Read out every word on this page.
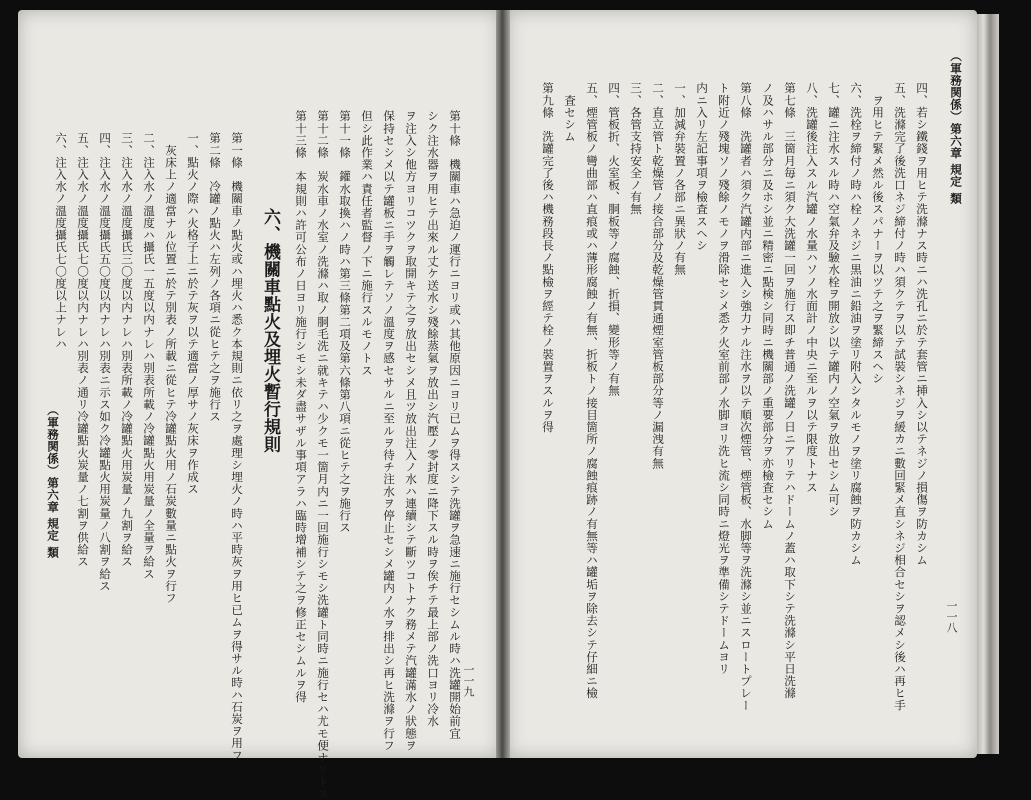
（軍務関係）第六章 規定 類
一一八
四、若シ鐵錢ヲ用ヒテ洗滌ナス時ニハ洗孔ニ於テ套管ニ挿入シ以テネジノ損傷ヲ防カシム
五、洗滌完了後洗口ネジ締付ノ時ハ須クテヲ以テ試裝シネジヲ緩カニ數回緊メ直シネジ相合セシヲ認メシ後ハ再ヒ手
　ヲ用ヒテ緊メ然ル後スパナーヲ以ツテ之ヲ緊締スヘシ
六、洗栓ヲ締付ノ時ハ栓ノネジニ黒油ニ鉛油ヲ塗リ附入シタルモノヲ塗リ腐蝕ヲ防カシム
七、罐ニ注水スル時ハ空氣弁及驗水栓ヲ開放シ以テ罐内ノ空氣ヲ放出セシム可シ
八、洗罐後注入スル汽罐ノ水量ハソノ水面計ノ中央ニ至ルヲ以テ限度トナス
第七條　三箇月毎ニ須ク大洗罐一回ヲ施行ス即チ普通ノ洗罐ノ日ニアリテハドームノ蓋ハ取下シテ洗滌シ平日洗滌
ノ及ハサル部分ニ及ホシ並ニ精密ニ點検シ同時ニ機關部ノ重要部分ヲ亦檢査セシム
第八條　洗罐者ハ須ク汽罐内部ニ進入シ強力ナル注水ヲ以テ順次煙管、煙管板、水脚等ヲ洗滌シ並ニスロートプレー
ト附近ノ殘塊ソノ殘餘ノモノヲ滑除セシメ悉ク火室前部ノ水脚ヨリ洗ヒ流シ同時ニ燈光ヲ準備シテドームヨリ
内ニ入リ左記事項ヲ檢査スヘシ
一、加減弁裝置ノ各部ニ異狀ノ有無
二、直立管ト乾燥管ノ接合部分及乾燥管貫通煙室管板部分等ノ漏洩有無
三、各管支持安全ノ有無
四、管板折、火室板、胴板等ノ腐蝕、折損、變形等ノ有無
五、煙管板ノ彎曲部ハ直痕或ハ薄形腐蝕ノ有無、折板トノ接目箇所ノ腐蝕痕跡ノ有無等ハ罐垢ヲ除去シテ仔細ニ檢
　査セシム
第九條　洗罐完了後ハ機務段長ノ點檢ヲ經テ栓ノ裝置ヲスルヲ得
第十條　機關車ハ急迫ノ運行ニヨリ或ハ其他原因ニヨリ已ムヲ得スシテ洗罐ヲ急速ニ施行セシムル時ハ洗罐開始前宜
シク注水器ヲ用ヒテ出來ル丈ケ送水シ殘餘蒸氣ヲ放出シ汽壓ノ零封度ニ降下スル時ヲ俟チテ最上部ノ洗口ヨリ冷水
ヲ注入シ他方ヨリコツクヲ取開キテ之ヲ放出セシメ且ツ放出注入ノ水ハ連續シテ斷ツコトナク務メテ汽罐滿水ノ狀態ヲ
保持セシメ以テ罐板ニ手ヲ觸レテソノ溫度ヲ感セサルニ至ルヲ待チ注水ヲ停止セシメ罐内ノ水ヲ排出シ再ヒ洗滌ヲ行フ
但シ此作業ハ責任者監督ノ下ニ施行スルモノトス
第十一條　鑵水取換ハノ時ハ第三條第二項及第六條第八項ニ從ヒテ之ヲ施行ス
第十二條　炭水車ノ水室ノ洗滌ハ取ノ胴毛洗ニ就キテハ少クモ一箇月内ニ一回施行シモシ洗罐ト同時ニ施行セハ尤モ便ナリトス
第十三條　本規則ハ許可公布ノ日ヨリ施行シモシ未ダ盡サザル事項アラハ臨時增補シテ之ヲ修正セシムルヲ得
六、機關車點火及埋火暫行規則
第一條　機關車ノ點火或ハ埋火ハ悉ク本規則ニ依リ之ヲ處理シ埋火ノ時ハ平時灰ヲ用ヒ已ムヲ得サル時ハ石炭ヲ用フ
第二條　冷罐ノ點火ハ左列ノ各項ニ從ヒテ之ヲ施行ス
一、點火ノ際ハ火格子上ニ於テ灰ヲ以テ適當ノ厚サノ灰床ヲ作成ス
　灰床上ノ適當ナル位置ニ於テ別表ノ所載ニ從ヒテ冷罐點火用ノ石炭數量ニ點火ヲ行フ
二、注入水ノ溫度ハ攝氏一五度以内ナレハ別表所載ノ冷罐點火用炭量ノ全量ヲ給ス
三、注入水ノ溫度攝氏三〇度以内ナレハ別表所載ノ冷罐點火用炭量ノ九割ヲ給ス
四、注入水ノ溫度攝氏五〇度以内ナレハ別表ニ示ス如ク冷罐點火用炭量ノ八割ヲ給ス
五、注入水ノ溫度攝氏七〇度以内ナレハ別表ノ通リ冷罐點火炭量ノ七割ヲ供給ス
六、注入水ノ溫度攝氏七〇度以上ナレハ
（軍務関係）第六章 規定 類
一一九
